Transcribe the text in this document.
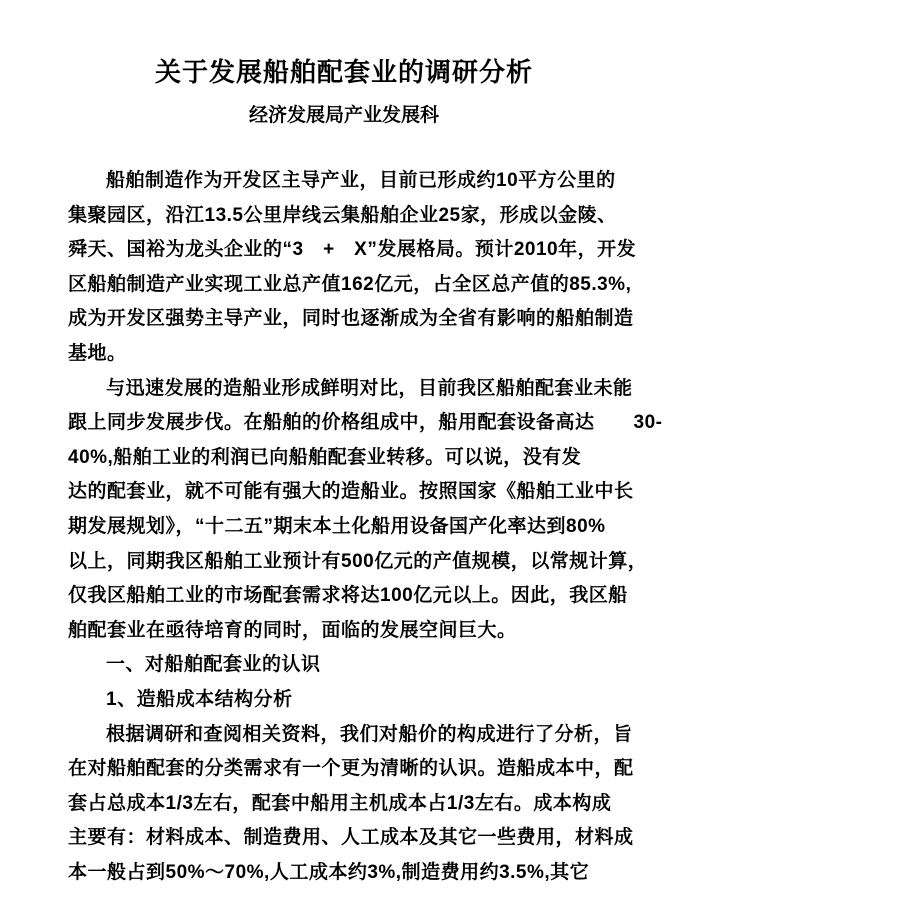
关于发展船舶配套业的调研分析
经济发展局产业发展科
船舶制造作为开发区主导产业，目前已形成约10平方公里的
集聚园区，沿江13.5公里岸线云集船舶企业25家，形成以金陵、
舜天、国裕为龙头企业的“3　+　X”发展格局。预计2010年，开发
区船舶制造产业实现工业总产值162亿元，占全区总产值的85.3%,
成为开发区强势主导产业，同时也逐渐成为全省有影响的船舶制造
基地。
与迅速发展的造船业形成鲜明对比，目前我区船舶配套业未能
跟上同步发展步伐。在船舶的价格组成中，船用配套设备高达　　30-
40%,船舶工业的利润已向船舶配套业转移。可以说，没有发
达的配套业，就不可能有强大的造船业。按照国家《船舶工业中长
期发展规划》，“十二五”期末本土化船用设备国产化率达到80%
以上，同期我区船舶工业预计有500亿元的产值规模，以常规计算，
仅我区船舶工业的市场配套需求将达100亿元以上。因此，我区船
舶配套业在亟待培育的同时，面临的发展空间巨大。
一、对船舶配套业的认识
1、造船成本结构分析
根据调研和查阅相关资料，我们对船价的构成进行了分析，旨
在对船舶配套的分类需求有一个更为清晰的认识。造船成本中，配
套占总成本1/3左右，配套中船用主机成本占1/3左右。成本构成
主要有：材料成本、制造费用、人工成本及其它一些费用，材料成
本一般占到50%～70%,人工成本约3%,制造费用约3.5%,其它
